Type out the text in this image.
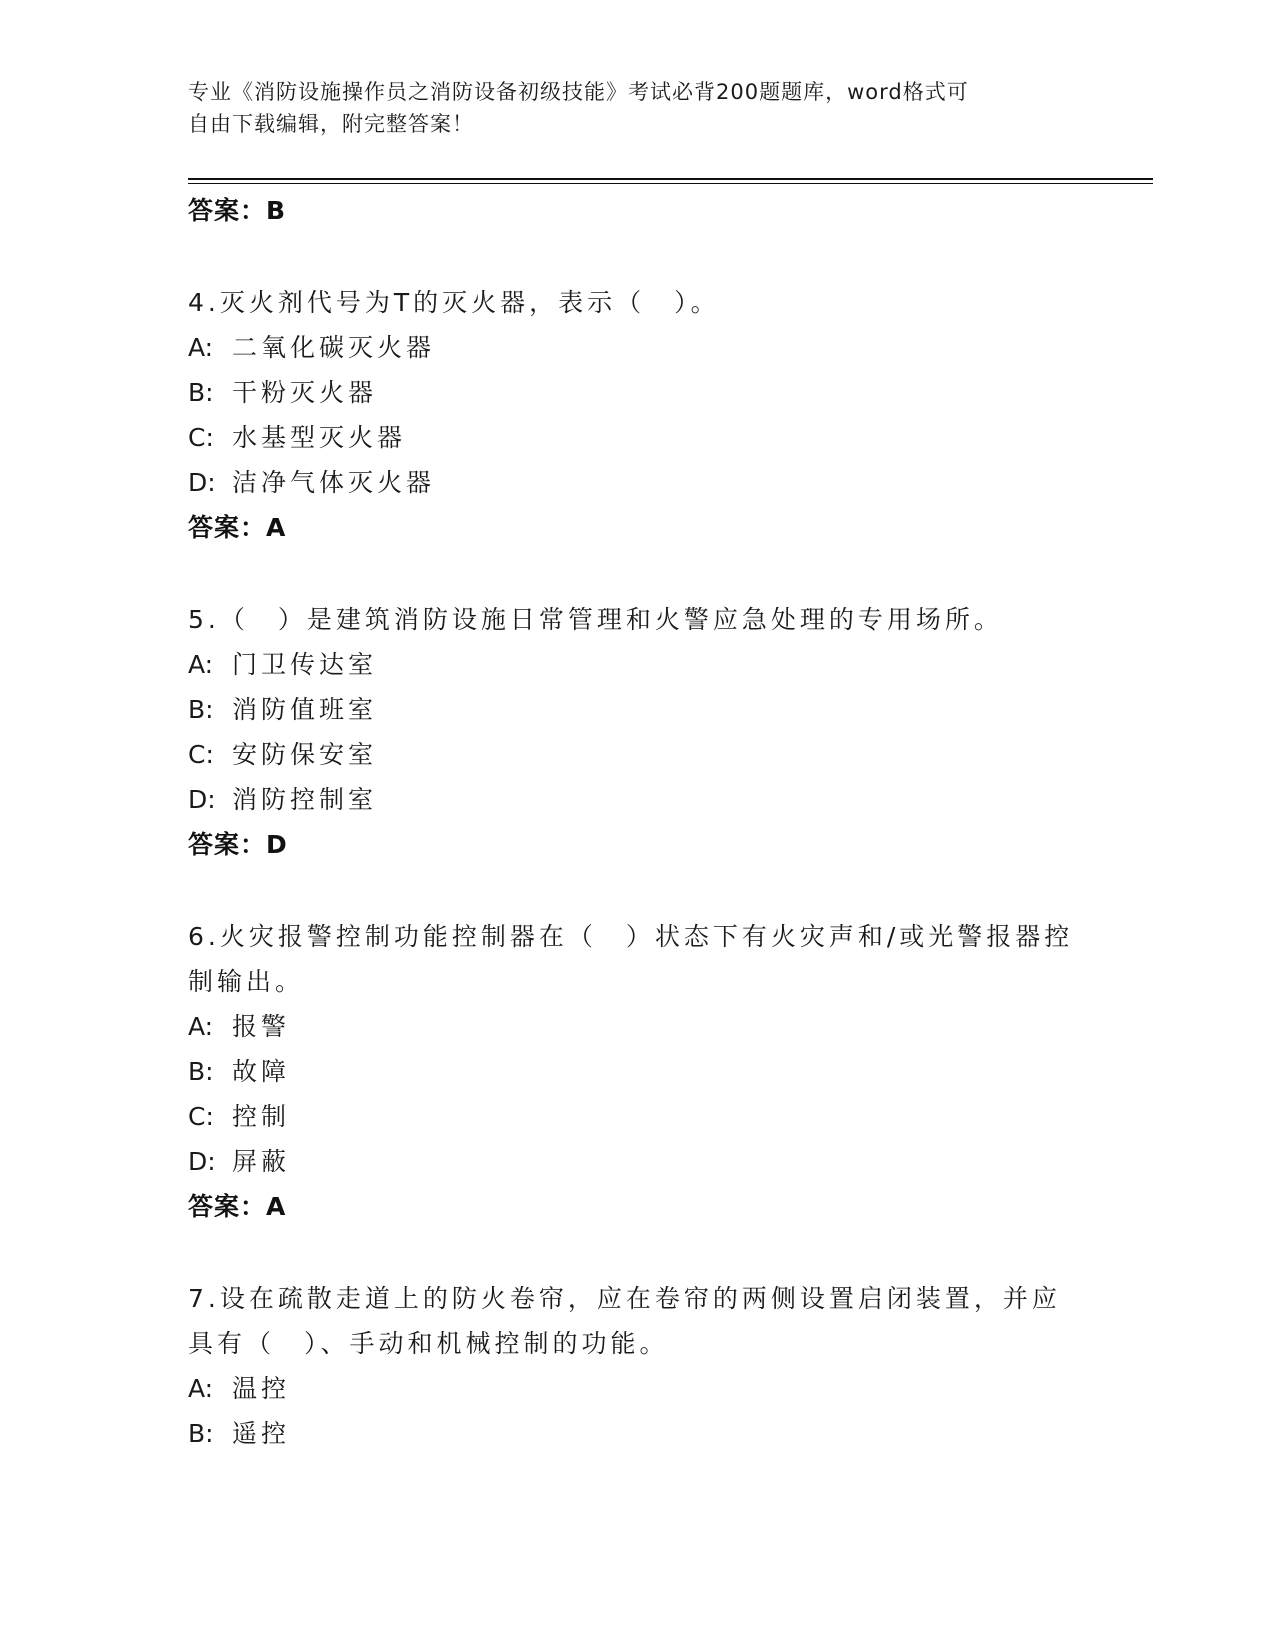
专业《消防设施操作员之消防设备初级技能》考试必背200题题库，word格式可
自由下载编辑，附完整答案！
答案：B
4.灭火剂代号为T的灭火器，表示（　）。
A: 二氧化碳灭火器
B: 干粉灭火器
C: 水基型灭火器
D: 洁净气体灭火器
答案：A
5.（　）是建筑消防设施日常管理和火警应急处理的专用场所。
A: 门卫传达室
B: 消防值班室
C: 安防保安室
D: 消防控制室
答案：D
6.火灾报警控制功能控制器在（　）状态下有火灾声和/或光警报器控
制输出。
A: 报警
B: 故障
C: 控制
D: 屏蔽
答案：A
7.设在疏散走道上的防火卷帘，应在卷帘的两侧设置启闭装置，并应
具有（　）、手动和机械控制的功能。
A: 温控
B: 遥控
